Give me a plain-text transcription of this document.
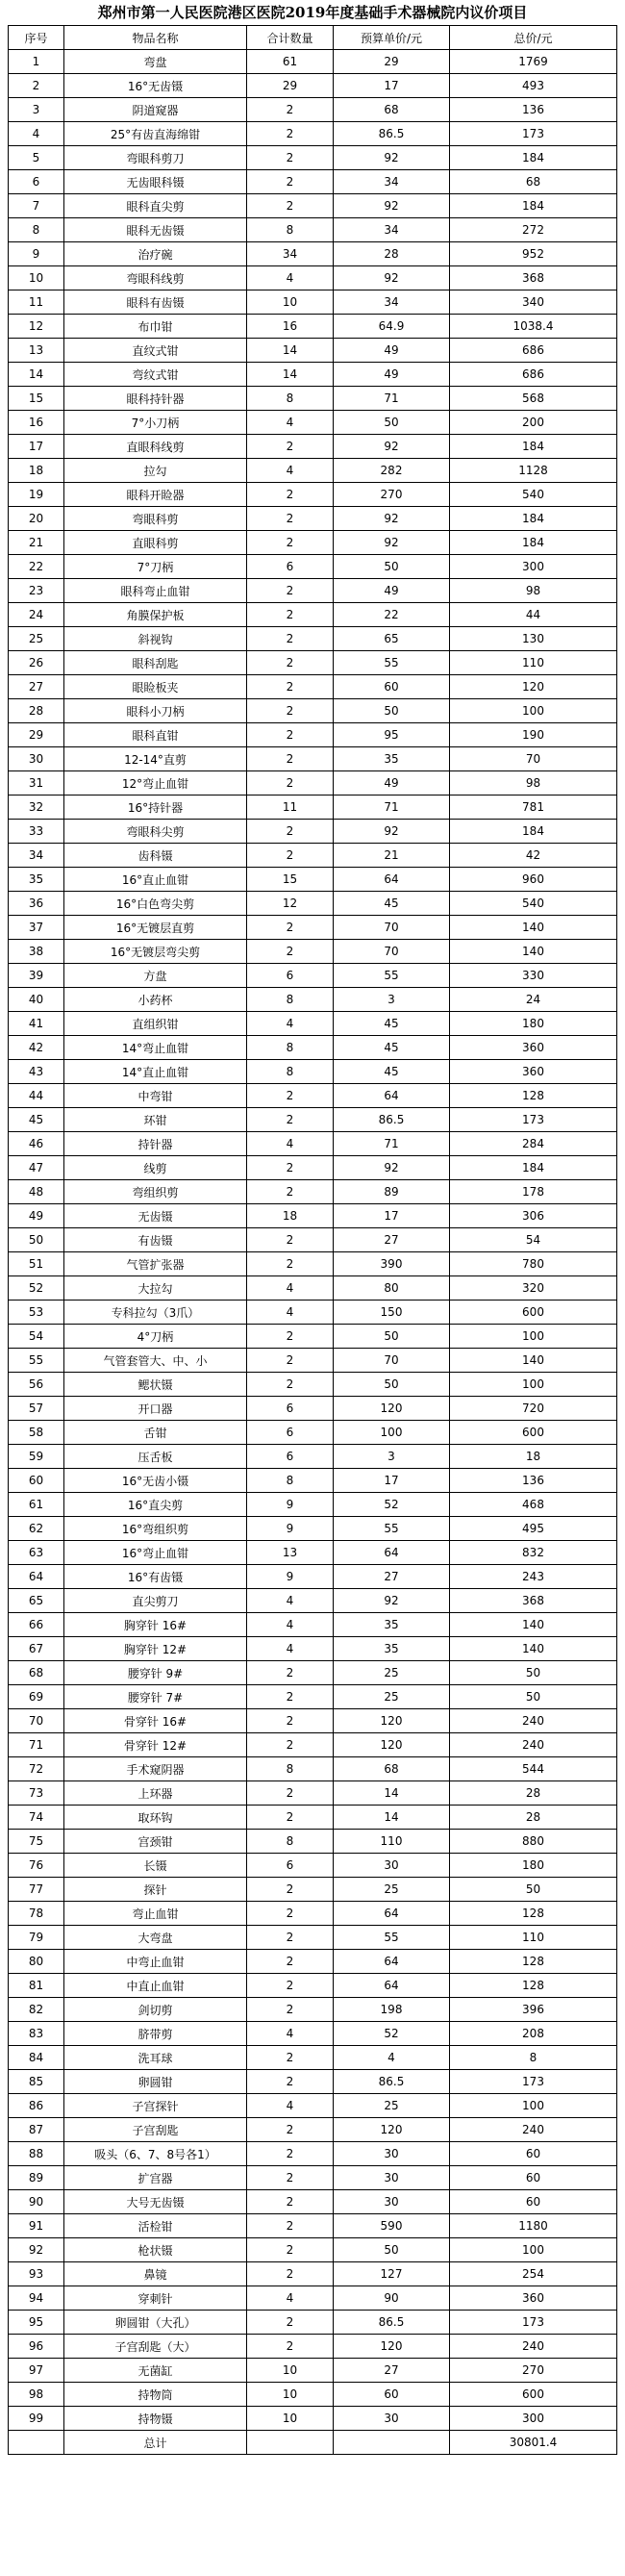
郑州市第一人民医院港区医院2019年度基础手术器械院内议价项目
序号	物品名称	合计数量	预算单价/元	总价/元
1	弯盘	61	29	1769
2	16°无齿镊	29	17	493
3	阴道窥器	2	68	136
4	25°有齿直海绵钳	2	86.5	173
5	弯眼科剪刀	2	92	184
6	无齿眼科镊	2	34	68
7	眼科直尖剪	2	92	184
8	眼科无齿镊	8	34	272
9	治疗碗	34	28	952
10	弯眼科线剪	4	92	368
11	眼科有齿镊	10	34	340
12	布巾钳	16	64.9	1038.4
13	直纹式钳	14	49	686
14	弯纹式钳	14	49	686
15	眼科持针器	8	71	568
16	7°小刀柄	4	50	200
17	直眼科线剪	2	92	184
18	拉勾	4	282	1128
19	眼科开睑器	2	270	540
20	弯眼科剪	2	92	184
21	直眼科剪	2	92	184
22	7°刀柄	6	50	300
23	眼科弯止血钳	2	49	98
24	角膜保护板	2	22	44
25	斜视钩	2	65	130
26	眼科刮匙	2	55	110
27	眼睑板夹	2	60	120
28	眼科小刀柄	2	50	100
29	眼科直钳	2	95	190
30	12-14°直剪	2	35	70
31	12°弯止血钳	2	49	98
32	16°持针器	11	71	781
33	弯眼科尖剪	2	92	184
34	齿科镊	2	21	42
35	16°直止血钳	15	64	960
36	16°白色弯尖剪	12	45	540
37	16°无镀层直剪	2	70	140
38	16°无镀层弯尖剪	2	70	140
39	方盘	6	55	330
40	小药杯	8	3	24
41	直组织钳	4	45	180
42	14°弯止血钳	8	45	360
43	14°直止血钳	8	45	360
44	中弯钳	2	64	128
45	环钳	2	86.5	173
46	持针器	4	71	284
47	线剪	2	92	184
48	弯组织剪	2	89	178
49	无齿镊	18	17	306
50	有齿镊	2	27	54
51	气管扩张器	2	390	780
52	大拉勾	4	80	320
53	专科拉勾（3爪）	4	150	600
54	4°刀柄	2	50	100
55	气管套管大、中、小	2	70	140
56	鳃状镊	2	50	100
57	开口器	6	120	720
58	舌钳	6	100	600
59	压舌板	6	3	18
60	16°无齿小镊	8	17	136
61	16°直尖剪	9	52	468
62	16°弯组织剪	9	55	495
63	16°弯止血钳	13	64	832
64	16°有齿镊	9	27	243
65	直尖剪刀	4	92	368
66	胸穿针 16#	4	35	140
67	胸穿针 12#	4	35	140
68	腰穿针 9#	2	25	50
69	腰穿针 7#	2	25	50
70	骨穿针 16#	2	120	240
71	骨穿针 12#	2	120	240
72	手术窥阴器	8	68	544
73	上环器	2	14	28
74	取环钩	2	14	28
75	宫颈钳	8	110	880
76	长镊	6	30	180
77	探针	2	25	50
78	弯止血钳	2	64	128
79	大弯盘	2	55	110
80	中弯止血钳	2	64	128
81	中直止血钳	2	64	128
82	剑切剪	2	198	396
83	脐带剪	4	52	208
84	洗耳球	2	4	8
85	卵圆钳	2	86.5	173
86	子宫探针	4	25	100
87	子宫刮匙	2	120	240
88	吸头（6、7、8号各1）	2	30	60
89	扩宫器	2	30	60
90	大号无齿镊	2	30	60
91	活检钳	2	590	1180
92	枪状镊	2	50	100
93	鼻镜	2	127	254
94	穿刺针	4	90	360
95	卵圆钳（大孔）	2	86.5	173
96	子宫刮匙（大）	2	120	240
97	无菌缸	10	27	270
98	持物筒	10	60	600
99	持物镊	10	30	300
	总计			30801.4
